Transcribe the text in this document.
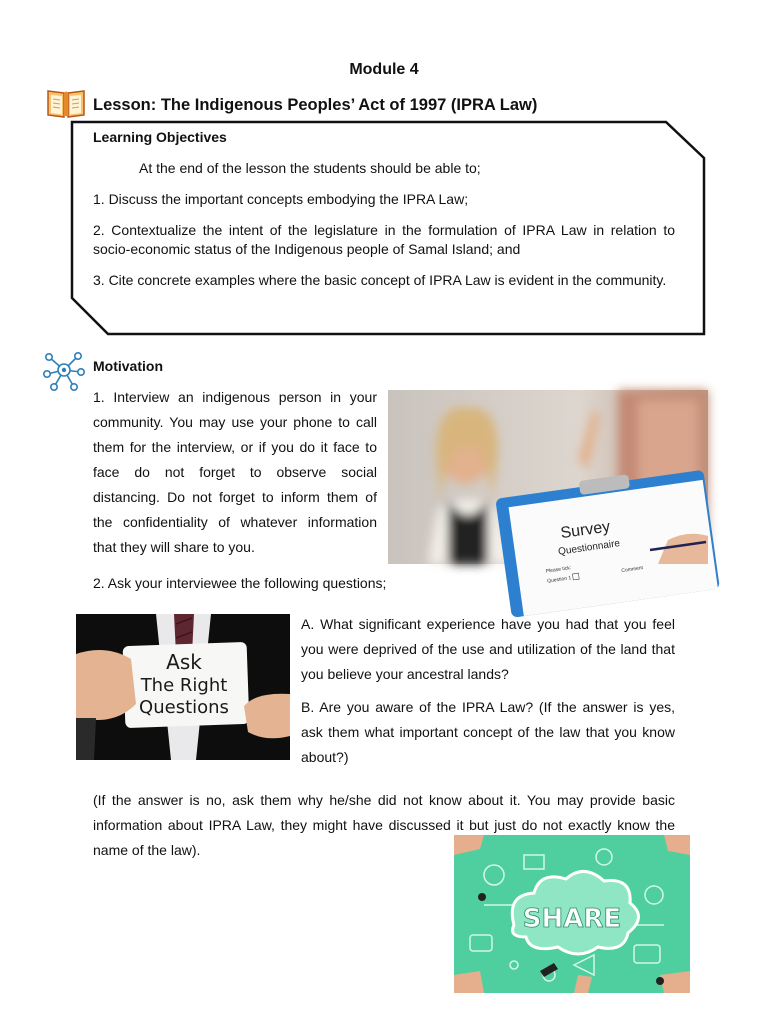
Module 4
Lesson: The Indigenous Peoples’ Act of 1997 (IPRA Law)

Learning Objectives

At the end of the lesson the students should be able to;

1. Discuss the important concepts embodying the IPRA Law;

2. Contextualize the intent of the legislature in the formulation of IPRA Law in relation to socio-economic status of the Indigenous people of Samal Island; and

3. Cite concrete examples where the basic concept of IPRA Law is evident in the community.

Motivation
1. Interview an indigenous person in your community. You may use your phone to call them for the interview, or if you do it face to face do not forget to observe social distancing. Do not forget to inform them of the confidentiality of whatever information that they will share to you.
Survey
Questionnaire
Please tick:
Question 1
Comment
2. Ask your interviewee the following questions;
Ask
The Right
Questions

A. What significant experience have you had that you feel you were deprived of the use and utilization of the land that you believe your ancestral lands?

B. Are you aware of the IPRA Law? (If the answer is yes, ask them what important concept of the law that you know about?)

(If the answer is no, ask them why he/she did not know about it. You may provide basic information about IPRA Law, they might have discussed it but just do not exactly know the name of the law).
SHARE
